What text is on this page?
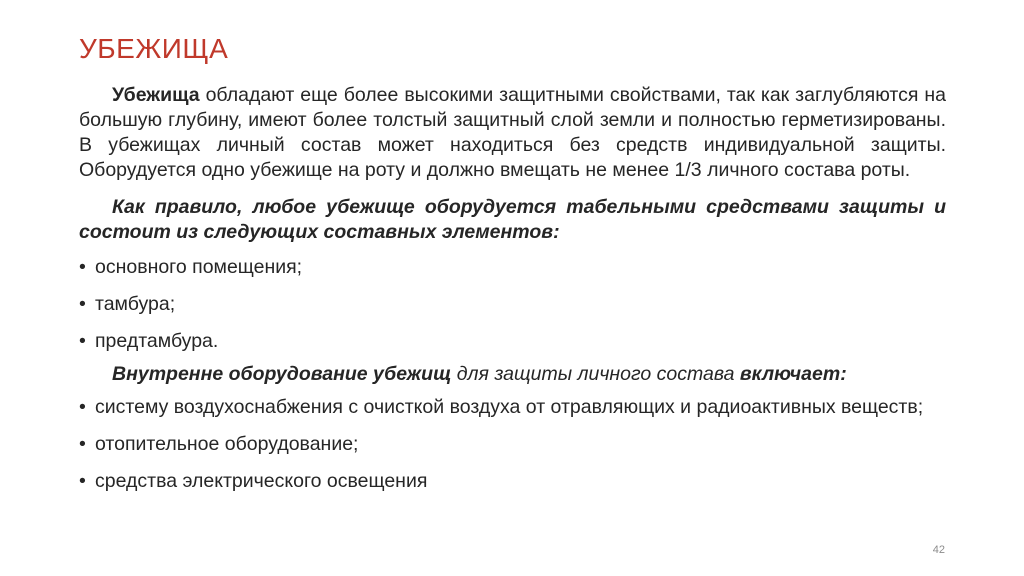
УБЕЖИЩА

Убежища обладают еще более высокими защитными свойствами, так как заглубляются на большую глубину, имеют более толстый защитный слой земли и полностью герметизированы. В убежищах личный состав может находиться без средств индивидуальной защиты. Оборудуется одно убежище на роту и должно вмещать не менее 1/3 личного состава роты.

Как правило, любое убежище оборудуется табельными средствами защиты и состоит из следующих составных элементов:

• основного помещения;
• тамбура;
• предтамбура.

Внутренне оборудование убежищ для защиты личного состава включает:

• систему воздухоснабжения с очисткой воздуха от отравляющих и радиоактивных веществ;
• отопительное оборудование;
• средства электрического освещения
42
